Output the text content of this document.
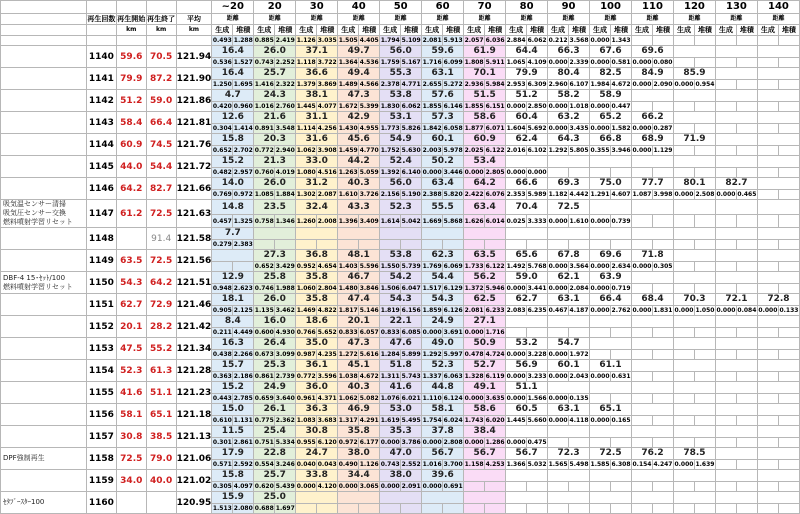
					~20		20		30		40		50		60		70		80		90		100		110		120		130		140	
	再生回数	再生開始	再生終了	平均	距離		距離		距離		距離		距離		距離		距離		距離		距離		距離		距離		距離		距離		距離	
		km	km	km	生成	堆積	生成	堆積	生成	堆積	生成	堆積	生成	堆積	生成	堆積	生成	堆積	生成	堆積	生成	堆積	生成	堆積	生成	堆積	生成	堆積	生成	堆積	生成	堆積
					0.493	1.288	0.885	2.419	1.126	3.035	1.505	4.405	1.794	5.109	2.081	5.913	2.057	6.036	2.884	6.062	0.212	3.568	0.000	1.343								
	1140	59.6	70.5	121.94	16.4		26.0		37.1		49.7		56.0		59.6		61.9		64.4		66.3		67.6		69.6							
					0.536	1.527	0.743	2.252	1.118	3.722	1.364	4.536	1.759	5.167	1.716	6.099	1.808	5.911	1.065	4.109	0.000	2.339	0.000	0.581	0.000	0.080						
	1141	79.9	87.2	121.90	16.4		25.7		36.6		49.4		55.3		63.1		70.1		79.9		80.4		82.5		84.9		85.9					
					1.250	1.695	1.416	2.322	1.379	3.869	1.489	4.566	2.378	4.771	2.655	5.272	2.936	5.984	2.953	6.309	2.960	6.107	1.984	4.672	0.000	2.090	0.000	0.954				
	1142	51.2	59.0	121.86	4.7		24.3		38.1		47.3		53.8		57.6		51.5		51.2		58.2		58.9									
					0.420	0.960	1.016	2.760	1.445	4.077	1.672	5.399	1.830	6.062	1.855	6.146	1.855	6.151	0.000	2.850	0.000	1.018	0.000	0.447								
	1143	58.4	66.4	121.81	12.6		21.6		31.1		42.9		53.1		57.3		58.6		60.4		63.2		65.2		66.2							
					0.304	1.414	0.891	3.548	1.114	4.256	1.430	4.955	1.773	5.826	1.842	6.058	1.877	6.071	1.604	5.692	0.000	3.435	0.000	1.582	0.000	0.287						
	1144	60.9	74.5	121.76	15.8		20.3		31.6		45.6		54.9		60.1		60.9		62.4		64.3		66.8		68.9		71.9					
					0.652	2.702	0.772	2.940	1.062	3.908	1.459	4.770	1.752	5.630	2.003	5.978	2.025	6.122	2.016	6.102	1.292	5.805	0.355	3.946	0.000	1.129						
	1145	44.0	54.4	121.72	15.2		21.3		33.0		44.2		52.4		50.2		53.4															
					0.482	2.957	0.760	4.019	1.080	4.516	1.263	5.059	1.392	6.140	0.000	3.446	0.000	2.805	0.000	0.000												
	1146	64.2	82.7	121.66	14.0		26.0		31.2		40.3		56.0		63.4		64.2		66.6		69.3		75.0		77.7		80.1		82.7			
					0.769	0.972	1.085	1.884	1.302	2.087	1.610	3.726	2.156	5.190	2.388	5.820	2.422	6.076	2.353	5.989	1.182	4.442	1.291	4.607	1.087	3.998	0.000	2.508	0.000	0.465		
吸気温センサー清掃
吸気圧センサー交換
燃料噴射学習リセット	1147	61.2	72.5	121.63	14.8		23.5		32.4		43.3		52.3		55.5		63.4		70.4		72.5											
					0.457	1.325	0.758	1.346	1.260	2.008	1.396	3.409	1.614	5.042	1.669	5.868	1.626	6.014	0.025	3.333	0.000	1.610	0.000	0.739								
	1148		91.4	121.58	7.7																											
					0.279	2.383																										
	1149	63.5	72.5	121.56			27.3		36.8		48.1		53.8		62.3		63.5		65.6		67.8		69.6		71.8							
							0.652	3.429	0.952	4.654	1.403	5.596	1.550	5.739	1.769	6.069	1.733	6.122	1.492	5.768	0.000	3.564	0.000	2.634	0.000	0.305						
DBF-4 15･ｾｯﾄ/100
燃料噴射学習リセット	1150	54.3	64.2	121.51	12.9		25.8		35.8		46.7		54.2		54.4		56.2		59.0		62.1		63.9									
					0.948	2.623	0.746	1.988	1.060	2.804	1.480	3.846	1.506	6.047	1.517	6.129	1.372	5.946	0.000	3.441	0.000	2.084	0.000	0.719								
	1151	62.7	72.9	121.46	18.1		26.0		35.8		47.4		54.3		54.3		62.5		62.7		63.1		66.4		68.4		70.3		72.1		72.8	
					0.905	2.125	1.135	3.462	1.469	4.822	1.817	5.146	1.819	6.156	1.859	6.126	2.081	6.233	2.083	6.235	0.467	4.187	0.000	2.762	0.000	1.831	0.000	1.050	0.000	0.084	0.000	0.133
	1152	20.1	28.2	121.42	8.4		16.0		18.6		20.1		22.1		24.9		27.1															
					0.211	4.449	0.600	4.930	0.766	5.652	0.833	6.057	0.833	6.085	0.000	3.691	0.000	1.716														
	1153	47.5	55.2	121.34	16.3		26.4		35.0		47.3		47.6		49.0		50.9		53.2		54.7											
					0.438	2.266	0.673	3.099	0.987	4.235	1.272	5.616	1.284	5.899	1.292	5.997	0.478	4.724	0.000	3.228	0.000	1.972										
	1154	52.3	61.3	121.28	15.7		25.3		36.1		45.1		51.8		52.3		52.7		56.9		60.1		61.1									
					0.363	2.186	0.861	2.739	0.772	3.596	1.038	4.672	1.311	5.743	1.337	6.063	1.328	6.119	0.000	3.233	0.000	2.043	0.000	0.631								
	1155	41.6	51.1	121.23	15.2		24.9		36.0		40.3		41.6		44.8		49.1		51.1													
					0.443	2.785	0.659	3.640	0.961	4.371	1.062	5.082	1.076	6.021	1.110	6.124	0.000	3.635	0.000	1.566	0.000	0.135										
	1156	58.1	65.1	121.18	15.0		26.1		36.3		46.9		53.0		58.1		58.6		60.5		63.1		65.1									
					0.610	1.131	0.775	2.362	1.083	3.683	1.317	4.291	1.619	5.495	1.754	6.024	1.743	6.020	1.445	5.660	0.000	4.118	0.000	0.165								
	1157	30.8	38.5	121.13	11.5		25.4		30.8		35.8		35.3		37.8		38.4															
					0.301	2.861	0.751	5.334	0.955	6.120	0.972	6.177	0.000	3.786	0.000	2.808	0.000	1.286	0.000	0.475												
DPF強制再生	1158	72.5	79.0	121.06	17.9		22.8		24.7		38.0		47.0		56.7		56.7		56.7		72.3		72.5		76.2		78.5					
					0.571	2.592	0.554	3.246	0.040	0.043	0.490	1.126	0.743	2.552	1.016	3.700	1.158	4.253	1.366	5.032	1.565	5.498	1.585	6.308	0.154	4.247	0.000	1.639				
	1159	34.0	40.0	121.02	15.8		25.7		33.8		34.4		38.0		39.6																	
					0.305	4.097	0.620	5.439	0.000	4.120	0.000	3.065	0.000	2.091	0.000	0.691																
ｾﾀﾌﾞｰｽﾀｰ100	1160			120.95	15.9		25.0																									
					1.513	2.080	0.688	1.697																								
